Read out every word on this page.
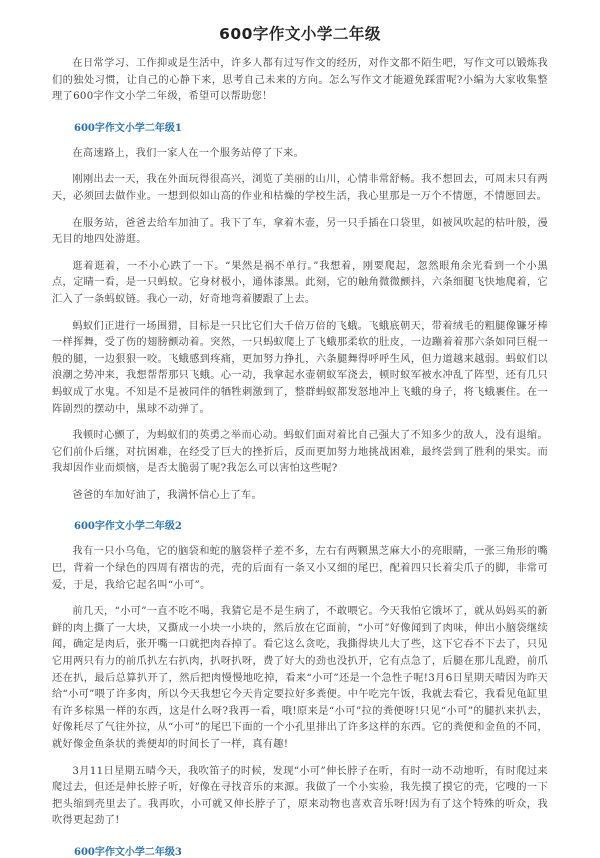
600字作文小学二年级

在日常学习、工作抑或是生活中，许多人都有过写作文的经历，对作文都不陌生吧，写作文可以锻炼我们的独处习惯，让自己的心静下来，思考自己未来的方向。怎么写作文才能避免踩雷呢?小编为大家收集整理了600字作文小学二年级，希望可以帮助您！

600字作文小学二年级1

在高速路上，我们一家人在一个服务站停了下来。

刚刚出去一天，我在外面玩得很高兴，浏览了美丽的山川，心情非常舒畅。我不想回去，可周末只有两天，必须回去做作业。一想到似如山高的作业和枯燥的学校生活，我心里那是一万个不情愿，不情愿回去。

在服务站，爸爸去给车加油了。我下了车，拿着木壶，另一只手插在口袋里，如被风吹起的枯叶般，漫无目的地四处游逛。

逛着逛着，一不小心跌了一下。“果然是祸不单行。”我想着，刚要爬起，忽然眼角余光看到一个小黑点，定睛一看，是一只蚂蚁。它身材极小，通体漆黑。此刻，它的触角微微颤抖，六条细腿飞快地爬着，它汇入了一条蚂蚁链。我心一动，好奇地弯着腰跟了上去。

蚂蚁们正进行一场围猎，目标是一只比它们大千倍万倍的飞蛾。飞蛾底朝天，带着绒毛的粗腿像镰牙棒一样挥舞，受了伤的翅膀颤动着。突然，一只蚂蚁爬上了飞蛾那柔软的肚皮，一边蹦着着那六条如同巨棍一般的腿，一边狠狠一咬。飞蛾感到疼痛，更加努力挣扎，六条腿舞得呼呼生风，但力道越来越弱。蚂蚁们以浪潮之势冲来，我想帮帮那只飞蛾。心一动，我拿起水壶朝蚁军浇去，顿时蚁军被水冲乱了阵型，还有几只蚂蚁成了水鬼。不知是不是被同伴的牺牲刺激到了，整群蚂蚁都发怒地冲上飞蛾的身子，将飞蛾裹住。在一阵剧烈的摆动中，黑球不动弹了。

我顿时心颤了，为蚂蚁们的英勇之举而心动。蚂蚁们面对着比自己强大了不知多少的敌人，没有退缩。它们前仆后继，对抗困难，在经受了巨大的挫折后，反而更加努力地挑战困难，最终尝到了胜利的果实。而我却因作业而烦恼，是否太脆弱了呢?我怎么可以害怕这些呢?

爸爸的车加好油了，我满怀信心上了车。

600字作文小学二年级2

我有一只小乌龟，它的脑袋和蛇的脑袋样子差不多，左右有两颗黑芝麻大小的亮眼睛，一张三角形的嘴巴，背着一个绿色的四周有褶齿的壳，壳的后面有一条又小又细的尾巴，配着四只长着尖爪子的脚，非常可爱，于是，我给它起名叫“小可”。

前几天，“小可”一直不吃不喝，我猜它是不是生病了，不敢喂它。今天我怕它饿坏了，就从妈妈买的新鲜的肉上撕了一大块，又撕成一小块一小块的，然后放在它面前，“小可”好像闻到了肉味，伸出小脑袋继续闻，确定是肉后，张开嘴一口就把肉吞掉了。看它这么贪吃，我撕得块儿大了些，这下它吞不下去了，只见它用两只有力的前爪扒左右扒肉，扒呀扒呀，费了好大的劲也没扒开，它有点急了，后腿在那儿乱蹬，前爪还在扒，最后总算扒开了，然后把肉慢慢地吃掉，看来“小可”还是一个急性子呢!3月6日星期天晴因为昨天给“小可”喂了许多肉，所以今天我想它今天肯定要拉好多粪便。中午吃完午饭，我就去看它，我看见龟缸里有许多棕黑一样的东西，这是什么呀?我再一看，哦!原来是“小可”拉的粪便呀!只见“小可”的腿扒来扒去，好像耗尽了气往外拉，从“小可”的尾巴下面的一个小孔里排出了许多这样的东西。它的粪便和金鱼的不同，就好像金鱼条状的粪便却的时间长了一样，真有趣!

3月11日星期五晴今天，我吹笛子的时候，发现“小可”伸长脖子在听，有时一动不动地听，有时爬过来爬过去，但还是伸长脖子听，好像在寻找音乐的来源。我做了一个小实验，我先摸了摸它的壳，它嗖的一下把头缩到壳里去了。我再吹，小可就又伸长脖子了，原来动物也喜欢音乐呀!因为有了这个特殊的听众，我吹得更起劲了!

600字作文小学二年级3
